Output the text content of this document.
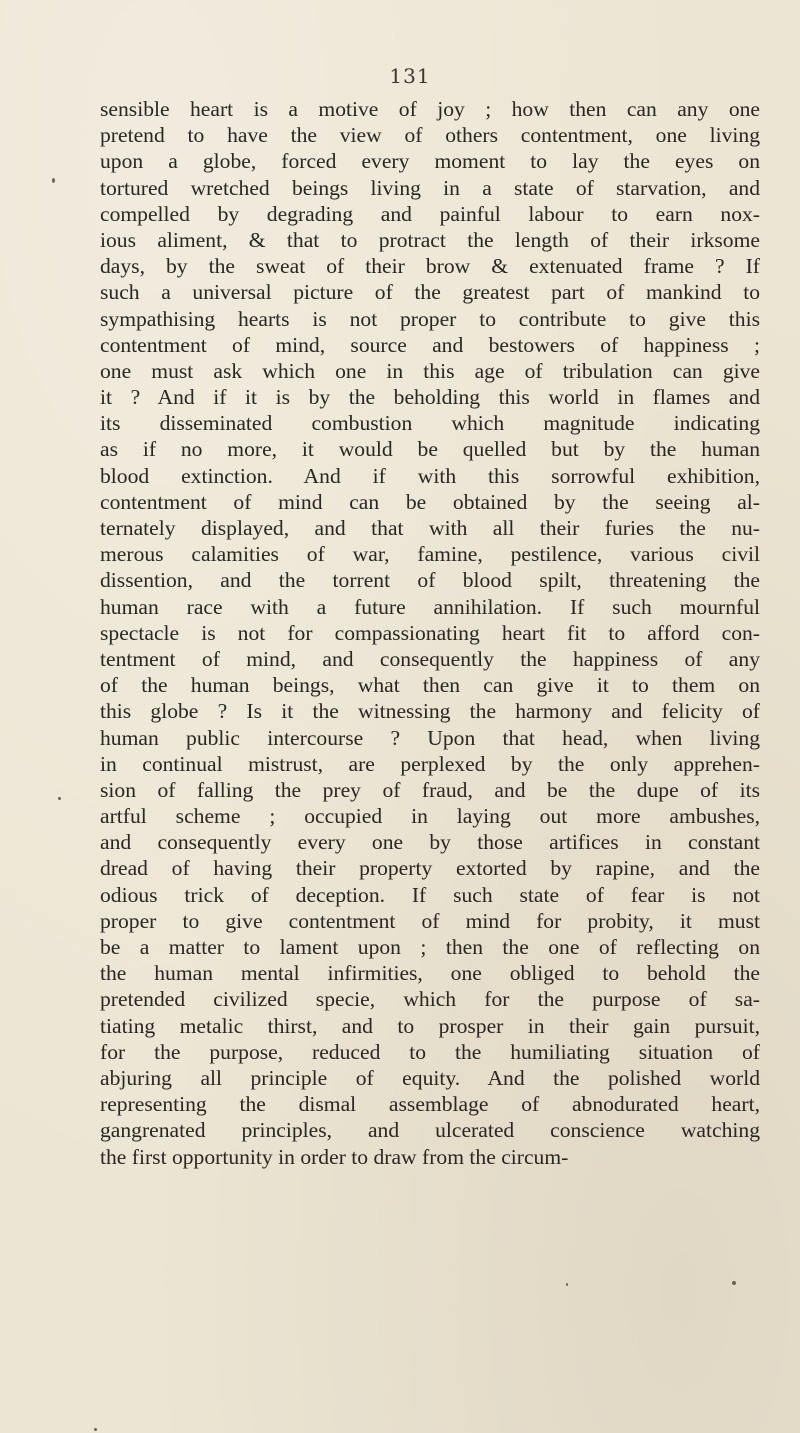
131
sensible heart is a motive of joy ; how then can any one
pretend to have the view of others contentment, one living
upon a globe, forced every moment to lay the eyes on
tortured wretched beings living in a state of starvation, and
compelled by degrading and painful labour to earn nox-
ious aliment, & that to protract the length of their irksome
days, by the sweat of their brow & extenuated frame ? If
such a universal picture of the greatest part of mankind to
sympathising hearts is not proper to contribute to give this
contentment of mind, source and bestowers of happiness ;
one must ask which one in this age of tribulation can give
it ? And if it is by the beholding this world in flames and
its disseminated combustion which magnitude indicating
as if no more, it would be quelled but by the human
blood extinction. And if with this sorrowful exhibition,
contentment of mind can be obtained by the seeing al-
ternately displayed, and that with all their furies the nu-
merous calamities of war, famine, pestilence, various civil
dissention, and the torrent of blood spilt, threatening the
human race with a future annihilation. If such mournful
spectacle is not for compassionating heart fit to afford con-
tentment of mind, and consequently the happiness of any
of the human beings, what then can give it to them on
this globe ? Is it the witnessing the harmony and felicity of
human public intercourse ? Upon that head, when living
in continual mistrust, are perplexed by the only apprehen-
sion of falling the prey of fraud, and be the dupe of its
artful scheme ; occupied in laying out more ambushes,
and consequently every one by those artifices in constant
dread of having their property extorted by rapine, and the
odious trick of deception. If such state of fear is not
proper to give contentment of mind for probity, it must
be a matter to lament upon ; then the one of reflecting on
the human mental infirmities, one obliged to behold the
pretended civilized specie, which for the purpose of sa-
tiating metalic thirst, and to prosper in their gain pursuit,
for the purpose, reduced to the humiliating situation of
abjuring all principle of equity. And the polished world
representing the dismal assemblage of abnodurated heart,
gangrenated principles, and ulcerated conscience watching
the first opportunity in order to draw from the circum-
